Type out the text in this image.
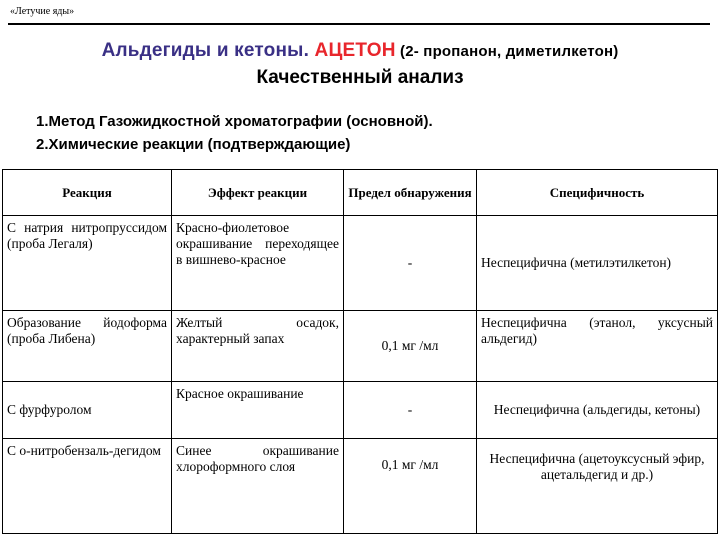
«Летучие яды»
Альдегиды и кетоны. АЦЕТОН (2- пропанон, диметилкетон)
Качественный анализ
1.Метод Газожидкостной хроматографии (основной).
2.Химические реакции (подтверждающие)
Реакция	Эффект реакции	Предел обнаружения	Специфичность
С натрия нитропруссидом (проба Легаля)	Красно-фиолетовое окрашивание переходящее в вишнево-красное	-	Неспецифична (метилэтилкетон)
Образование йодоформа (проба Либена)	Желтый осадок, характерный запах	0,1 мг /мл	Неспецифична (этанол, уксусный альдегид)
С фурфуролом	Красное окрашивание	-	Неспецифична (альдегиды, кетоны)
С о-нитробензаль-дегидом	Синее окрашивание хлороформного слоя	0,1 мг /мл	Неспецифична (ацетоуксусный эфир, ацетальдегид и др.)
